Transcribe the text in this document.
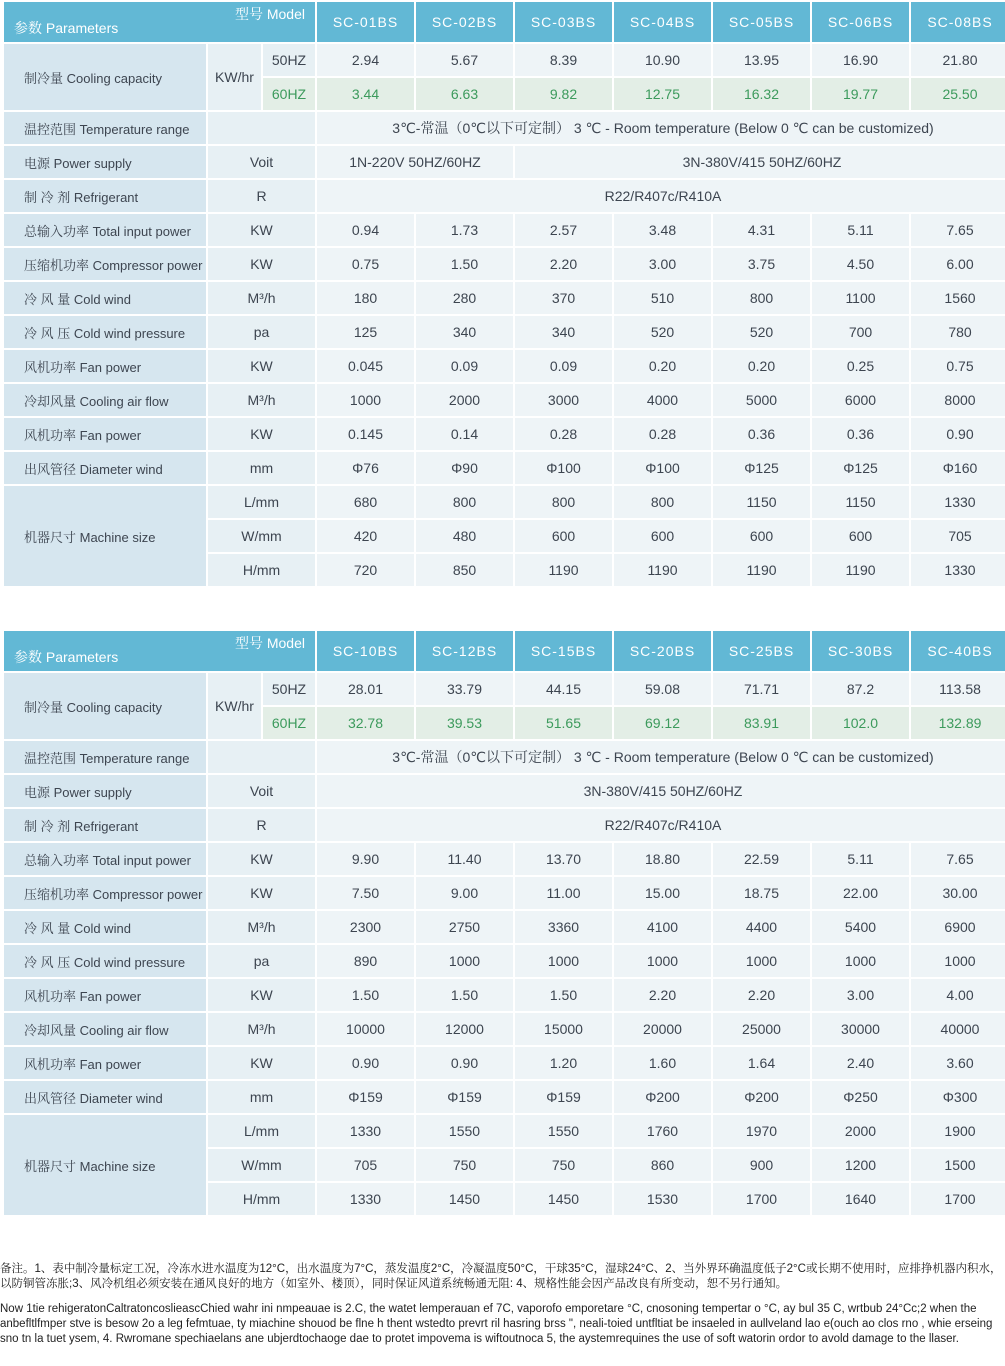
型号 Model
参数 Parameters			SC-01BS	SC-02BS	SC-03BS	SC-04BS	SC-05BS	SC-06BS	SC-08BS
制冷量 Cooling capacity	KW/hr	50HZ	2.94	5.67	8.39	10.90	13.95	16.90	21.80
		60HZ	3.44	6.63	9.82	12.75	16.32	19.77	25.50
温控范围 Temperature range			3℃-常温（0℃以下可定制） 3 ℃ - Room temperature (Below 0 ℃ can be customized)						
电源 Power supply	Voit		1N-220V 50HZ/60HZ		3N-380V/415 50HZ/60HZ				
制 冷 剂 Refrigerant	R		R22/R407c/R410A						
总输入功率 Total input power	KW		0.94	1.73	2.57	3.48	4.31	5.11	7.65
压缩机功率 Compressor power	KW		0.75	1.50	2.20	3.00	3.75	4.50	6.00
冷 风 量 Cold wind	M³/h		180	280	370	510	800	1100	1560
冷 风 压 Cold wind pressure	pa		125	340	340	520	520	700	780
风机功率 Fan power	KW		0.045	0.09	0.09	0.20	0.20	0.25	0.75
冷却风量 Cooling air flow	M³/h		1000	2000	3000	4000	5000	6000	8000
风机功率 Fan power	KW		0.145	0.14	0.28	0.28	0.36	0.36	0.90
出风管径 Diameter wind	mm		Φ76	Φ90	Φ100	Φ100	Φ125	Φ125	Φ160
机器尺寸 Machine size	L/mm		680	800	800	800	1150	1150	1330
	W/mm		420	480	600	600	600	600	705
	H/mm		720	850	1190	1190	1190	1190	1330
型号 Model
参数 Parameters			SC-10BS	SC-12BS	SC-15BS	SC-20BS	SC-25BS	SC-30BS	SC-40BS
制冷量 Cooling capacity	KW/hr	50HZ	28.01	33.79	44.15	59.08	71.71	87.2	113.58
		60HZ	32.78	39.53	51.65	69.12	83.91	102.0	132.89
温控范围 Temperature range			3℃-常温（0℃以下可定制） 3 ℃ - Room temperature (Below 0 ℃ can be customized)						
电源 Power supply	Voit		3N-380V/415 50HZ/60HZ						
制 冷 剂 Refrigerant	R		R22/R407c/R410A						
总输入功率 Total input power	KW		9.90	11.40	13.70	18.80	22.59	5.11	7.65
压缩机功率 Compressor power	KW		7.50	9.00	11.00	15.00	18.75	22.00	30.00
冷 风 量 Cold wind	M³/h		2300	2750	3360	4100	4400	5400	6900
冷 风 压 Cold wind pressure	pa		890	1000	1000	1000	1000	1000	1000
风机功率 Fan power	KW		1.50	1.50	1.50	2.20	2.20	3.00	4.00
冷却风量 Cooling air flow	M³/h		10000	12000	15000	20000	25000	30000	40000
风机功率 Fan power	KW		0.90	0.90	1.20	1.60	1.64	2.40	3.60
出风管径 Diameter wind	mm		Φ159	Φ159	Φ159	Φ200	Φ200	Φ250	Φ300
机器尺寸 Machine size	L/mm		1330	1550	1550	1760	1970	2000	1900
	W/mm		705	750	750	860	900	1200	1500
	H/mm		1330	1450	1450	1530	1700	1640	1700

备注。1、表中制冷量标定工况，冷冻水进水温度为12°C，出水温度为7°C，蒸发温度2°C，冷凝温度50°C，干球35°C，湿球24°C、2、当外界环确温度低子2°C或长期不使用时，应排挣机器内积水，以防铜管冻胀;3、风冷机组必须安装在通风良好的地方（如室外、楼顶），同时保证风道系统畅通无阻: 4、规格性能会因产品改良有所变动，恕不另行通知。

Now 1tie rehigeratonCaltratoncoslieascChied wahr ini nmpeauae is 2.C, the watet lemperauan ef 7C, vaporofo emporetare °C, cnosoning tempertar o °C, ay bul 35 C, wrtbub 24°Cc;2 when the anbefltlfmper stve is besow 2o a leg fefmtuae, ty miachine shouod be flne h thent wstedto prevrt ril hasring brss ", neali-toied untfltiat be insaeled in aullveland lao e(ouch ao clos rno , whie erseing sno tn la tuet ysem, 4. Rwromane spechiaelans ane ubjerdtochaoge dae to protet impovema is wiftoutnoca 5, the aystemrequines the use of soft watorin ordor to avold damage to the llaser.
